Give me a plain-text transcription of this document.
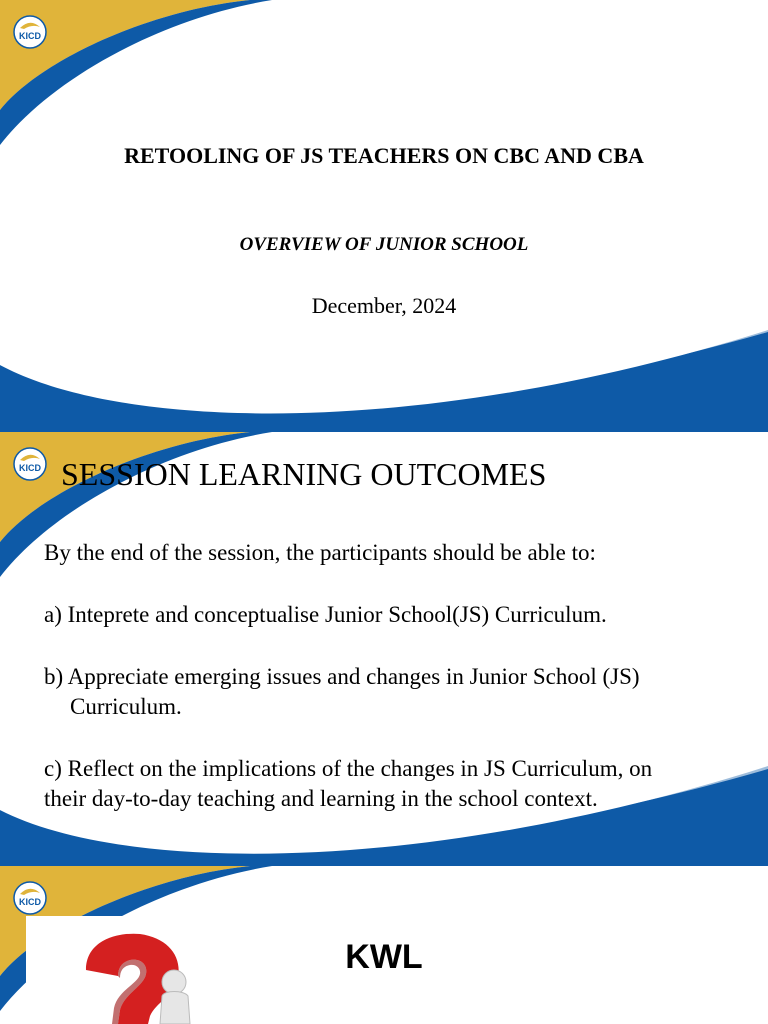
KICD
RETOOLING OF JS TEACHERS ON CBC AND CBA
OVERVIEW OF JUNIOR SCHOOL
December, 2024
KICD SESSION LEARNING OUTCOMES
By the end of the session, the participants should be able to:
a) Inteprete and conceptualise Junior School(JS) Curriculum.
b) Appreciate emerging issues and changes in Junior School (JS)
Curriculum.
c) Reflect on the implications of the changes in JS Curriculum, on
their day-to-day teaching and learning in the school context.
KICD
KWL
